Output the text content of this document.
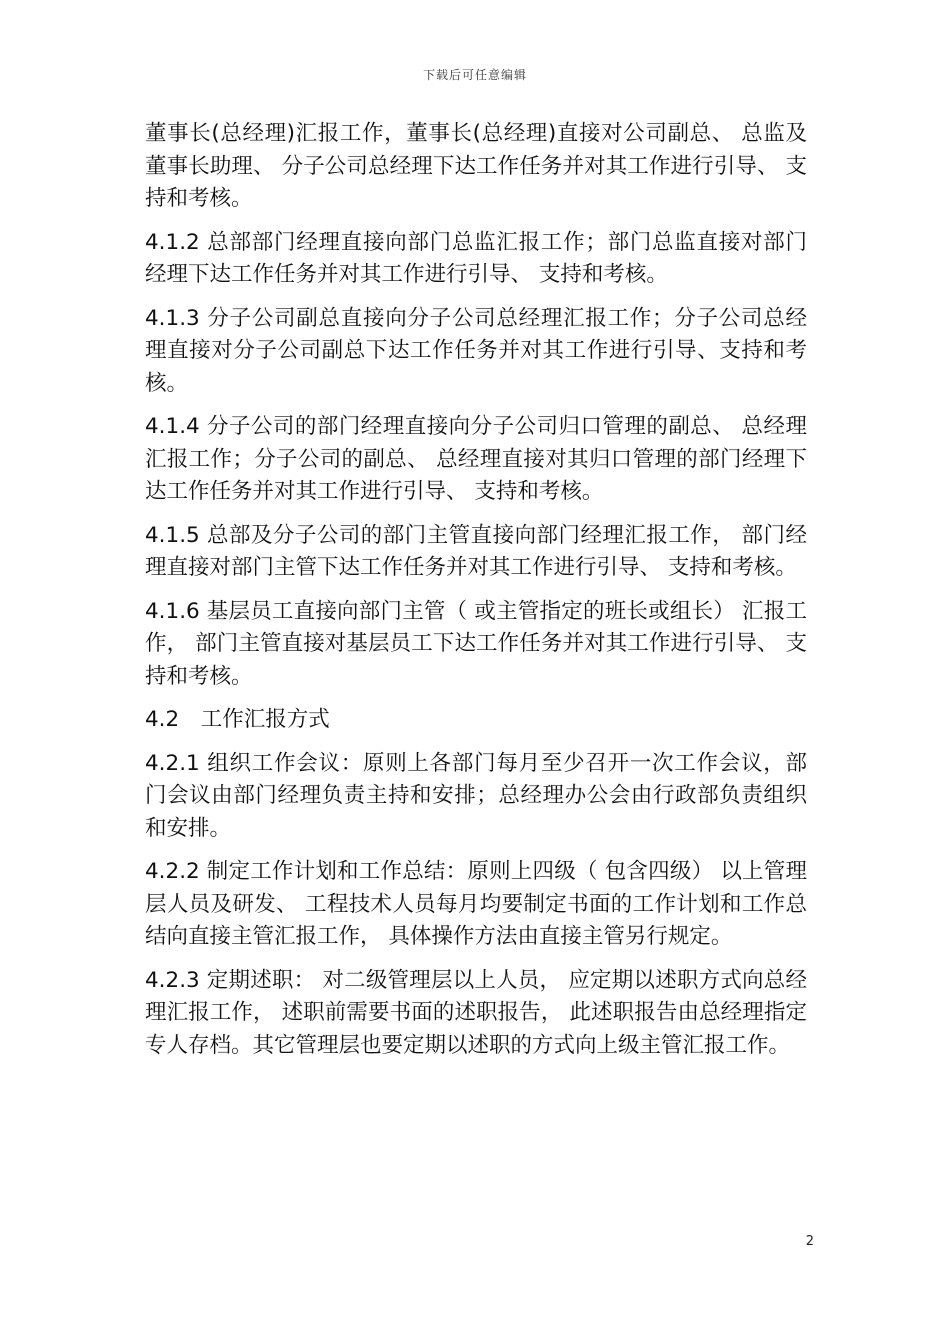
下载后可任意编辑

董事长(总经理)汇报工作，董事长(总经理)直接对公司副总、 总监及董事长助理、 分子公司总经理下达工作任务并对其工作进行引导、 支持和考核。

4.1.2 总部部门经理直接向部门总监汇报工作；部门总监直接对部门经理下达工作任务并对其工作进行引导、 支持和考核。

4.1.3 分子公司副总直接向分子公司总经理汇报工作；分子公司总经理直接对分子公司副总下达工作任务并对其工作进行引导、支持和考核。

4.1.4 分子公司的部门经理直接向分子公司归口管理的副总、 总经理汇报工作；分子公司的副总、 总经理直接对其归口管理的部门经理下达工作任务并对其工作进行引导、 支持和考核。

4.1.5 总部及分子公司的部门主管直接向部门经理汇报工作， 部门经理直接对部门主管下达工作任务并对其工作进行引导、 支持和考核。

4.1.6 基层员工直接向部门主管（ 或主管指定的班长或组长） 汇报工作， 部门主管直接对基层员工下达工作任务并对其工作进行引导、 支持和考核。

4.2　工作汇报方式

4.2.1 组织工作会议：原则上各部门每月至少召开一次工作会议，部门会议由部门经理负责主持和安排；总经理办公会由行政部负责组织和安排。

4.2.2 制定工作计划和工作总结：原则上四级（ 包含四级） 以上管理层人员及研发、 工程技术人员每月均要制定书面的工作计划和工作总结向直接主管汇报工作， 具体操作方法由直接主管另行规定。

4.2.3 定期述职： 对二级管理层以上人员， 应定期以述职方式向总经理汇报工作， 述职前需要书面的述职报告， 此述职报告由总经理指定专人存档。其它管理层也要定期以述职的方式向上级主管汇报工作。

2
